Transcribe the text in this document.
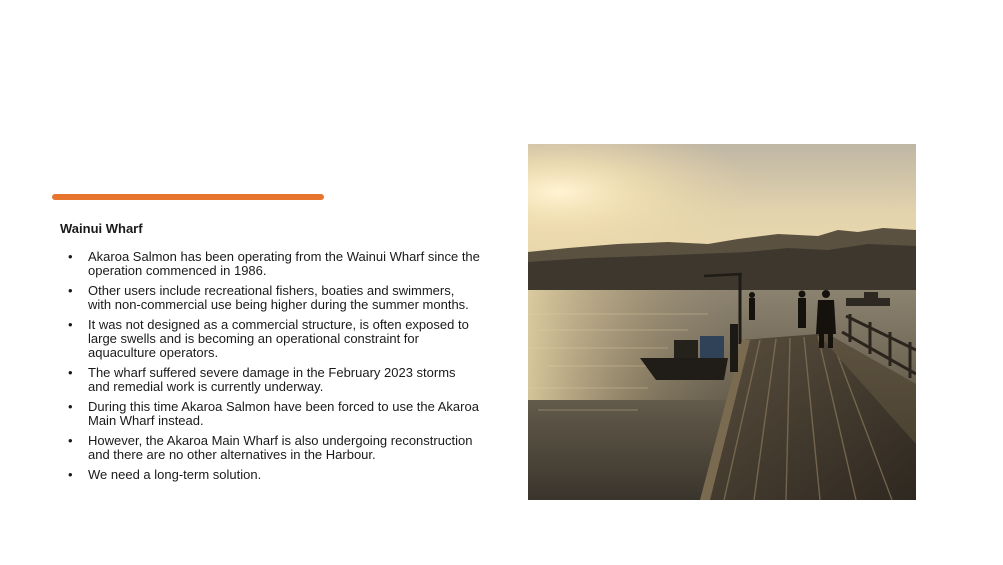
Wainui Wharf
• Akaroa Salmon has been operating from the Wainui Wharf since the operation commenced in 1986.
• Other users include recreational fishers, boaties and swimmers, with non-commercial use being higher during the summer months.
• It was not designed as a commercial structure, is often exposed to large swells and is becoming an operational constraint for aquaculture operators.
• The wharf suffered severe damage in the February 2023 storms and remedial work is currently underway.
• During this time Akaroa Salmon have been forced to use the Akaroa Main Wharf instead.
• However, the Akaroa Main Wharf is also undergoing reconstruction and there are no other alternatives in the Harbour.
• We need a long-term solution.
